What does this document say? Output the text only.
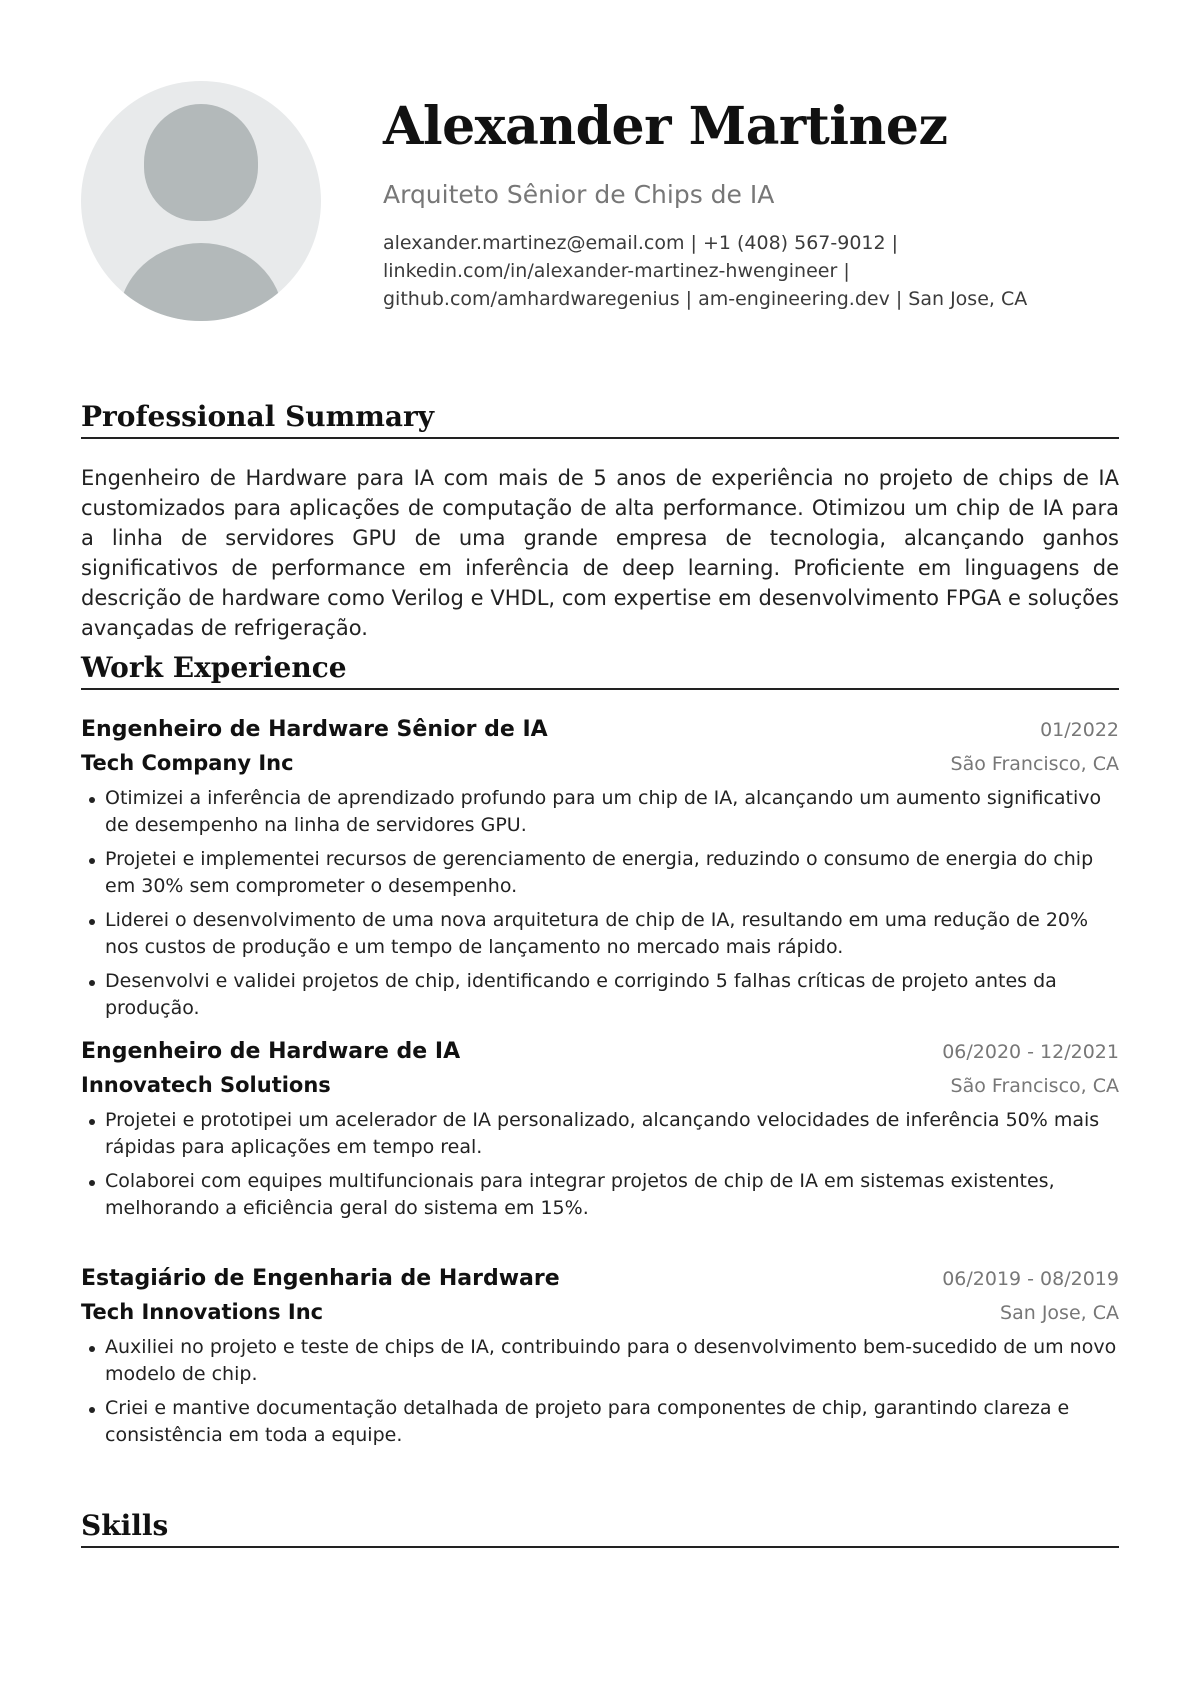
Alexander Martinez
Arquiteto Sênior de Chips de IA
alexander.martinez@email.com | +1 (408) 567-9012 | linkedin.com/in/alexander-martinez-hwengineer | github.com/amhardwaregenius | am-engineering.dev | San Jose, CA
Professional Summary
Engenheiro de Hardware para IA com mais de 5 anos de experiência no projeto de chips de IA customizados para aplicações de computação de alta performance. Otimizou um chip de IA para a linha de servidores GPU de uma grande empresa de tecnologia, alcançando ganhos significativos de performance em inferência de deep learning. Proficiente em linguagens de descrição de hardware como Verilog e VHDL, com expertise em desenvolvimento FPGA e soluções avançadas de refrigeração.
Work Experience
Engenheiro de Hardware Sênior de IA	01/2022
Tech Company Inc	São Francisco, CA
Otimizei a inferência de aprendizado profundo para um chip de IA, alcançando um aumento significativo de desempenho na linha de servidores GPU.
Projetei e implementei recursos de gerenciamento de energia, reduzindo o consumo de energia do chip em 30% sem comprometer o desempenho.
Liderei o desenvolvimento de uma nova arquitetura de chip de IA, resultando em uma redução de 20% nos custos de produção e um tempo de lançamento no mercado mais rápido.
Desenvolvi e validei projetos de chip, identificando e corrigindo 5 falhas críticas de projeto antes da produção.
Engenheiro de Hardware de IA	06/2020 - 12/2021
Innovatech Solutions	São Francisco, CA
Projetei e prototipei um acelerador de IA personalizado, alcançando velocidades de inferência 50% mais rápidas para aplicações em tempo real.
Colaborei com equipes multifuncionais para integrar projetos de chip de IA em sistemas existentes, melhorando a eficiência geral do sistema em 15%.
Estagiário de Engenharia de Hardware	06/2019 - 08/2019
Tech Innovations Inc	San Jose, CA
Auxiliei no projeto e teste de chips de IA, contribuindo para o desenvolvimento bem-sucedido de um novo modelo de chip.
Criei e mantive documentação detalhada de projeto para componentes de chip, garantindo clareza e consistência em toda a equipe.
Skills
